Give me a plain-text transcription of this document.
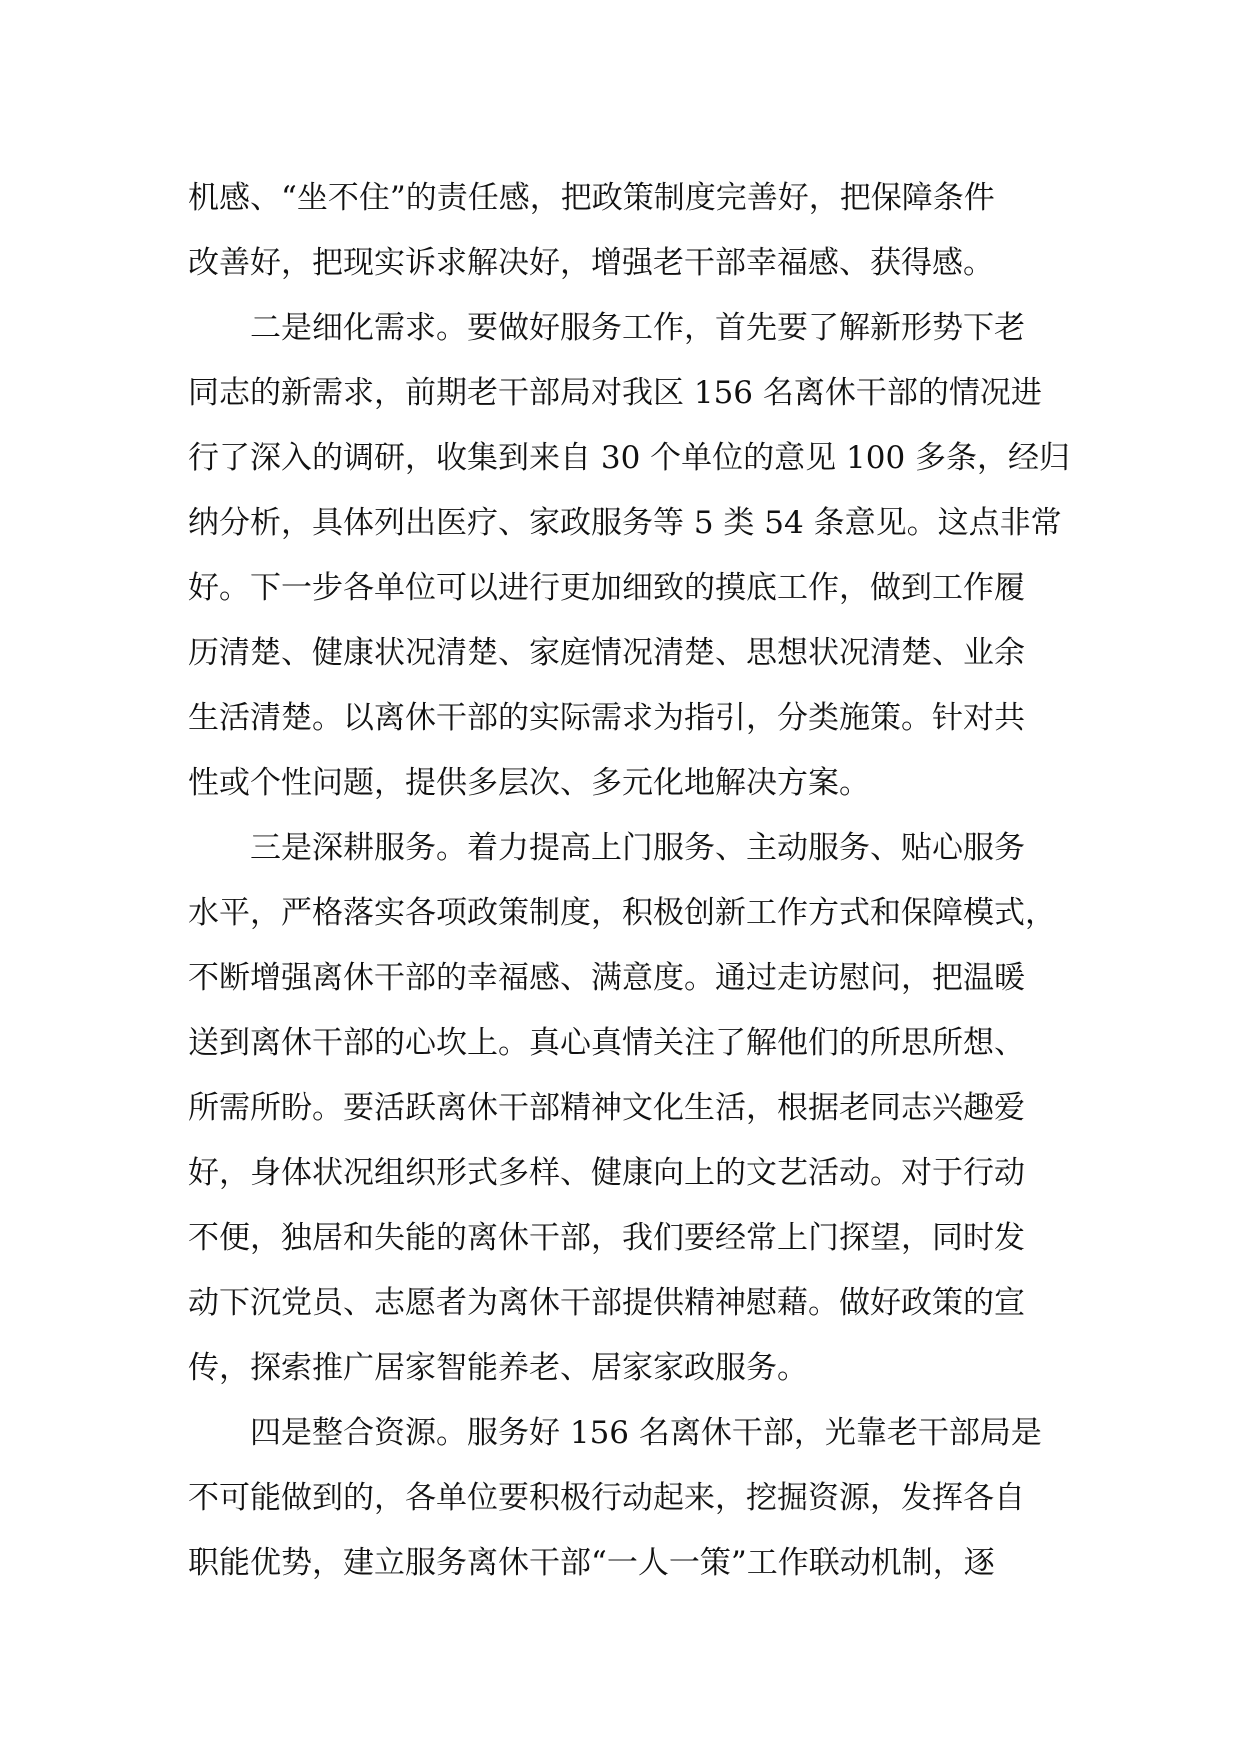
机感、“坐不住”的责任感，把政策制度完善好，把保障条件
改善好，把现实诉求解决好，增强老干部幸福感、获得感。
　　二是细化需求。要做好服务工作，首先要了解新形势下老
同志的新需求，前期老干部局对我区 156 名离休干部的情况进
行了深入的调研，收集到来自 30 个单位的意见 100 多条，经归
纳分析，具体列出医疗、家政服务等 5 类 54 条意见。这点非常
好。下一步各单位可以进行更加细致的摸底工作，做到工作履
历清楚、健康状况清楚、家庭情况清楚、思想状况清楚、业余
生活清楚。以离休干部的实际需求为指引，分类施策。针对共
性或个性问题，提供多层次、多元化地解决方案。
　　三是深耕服务。着力提高上门服务、主动服务、贴心服务
水平，严格落实各项政策制度，积极创新工作方式和保障模式，
不断增强离休干部的幸福感、满意度。通过走访慰问，把温暖
送到离休干部的心坎上。真心真情关注了解他们的所思所想、
所需所盼。要活跃离休干部精神文化生活，根据老同志兴趣爱
好，身体状况组织形式多样、健康向上的文艺活动。对于行动
不便，独居和失能的离休干部，我们要经常上门探望，同时发
动下沉党员、志愿者为离休干部提供精神慰藉。做好政策的宣
传，探索推广居家智能养老、居家家政服务。
　　四是整合资源。服务好 156 名离休干部，光靠老干部局是
不可能做到的，各单位要积极行动起来，挖掘资源，发挥各自
职能优势，建立服务离休干部“一人一策”工作联动机制，逐
